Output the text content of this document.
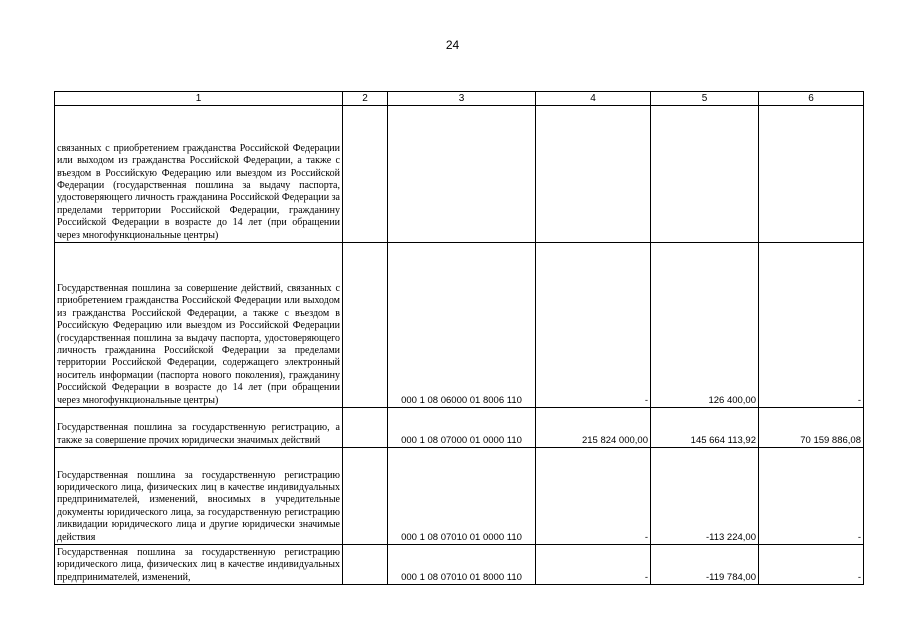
24
1	2	3	4	5	6
связанных с приобретением гражданства Российской Федерации или выходом из гражданства Российской Федерации, а также с въездом в Российскую Федерацию или выездом из Российской Федерации (государственная пошлина за выдачу паспорта, удостоверяющего личность гражданина Российской Федерации за пределами территории Российской Федерации, гражданину Российской Федерации в возрасте до 14 лет (при обращении через многофункциональные центры)					
Государственная пошлина за совершение действий, связанных с приобретением гражданства Российской Федерации или выходом из гражданства Российской Федерации, а также с въездом в Российскую Федерацию или выездом из Российской Федерации (государственная пошлина за выдачу паспорта, удостоверяющего личность гражданина Российской Федерации за пределами территории Российской Федерации, содержащего электронный носитель информации (паспорта нового поколения), гражданину Российской Федерации в возрасте до 14 лет (при обращении через многофункциональные центры)		000 1 08 06000 01 8006 110	-	126 400,00	-
Государственная пошлина за государственную регистрацию, а также за совершение прочих юридически значимых действий		000 1 08 07000 01 0000 110	215 824 000,00	145 664 113,92	70 159 886,08
Государственная пошлина за государственную регистрацию юридического лица, физических лиц в качестве индивидуальных предпринимателей, изменений, вносимых в учредительные документы юридического лица, за государственную регистрацию ликвидации юридического лица и другие юридически значимые действия		000 1 08 07010 01 0000 110	-	-113 224,00	-
Государственная пошлина за государственную регистрацию юридического лица, физических лиц в качестве индивидуальных предпринимателей, изменений,		000 1 08 07010 01 8000 110	-	-119 784,00	-
